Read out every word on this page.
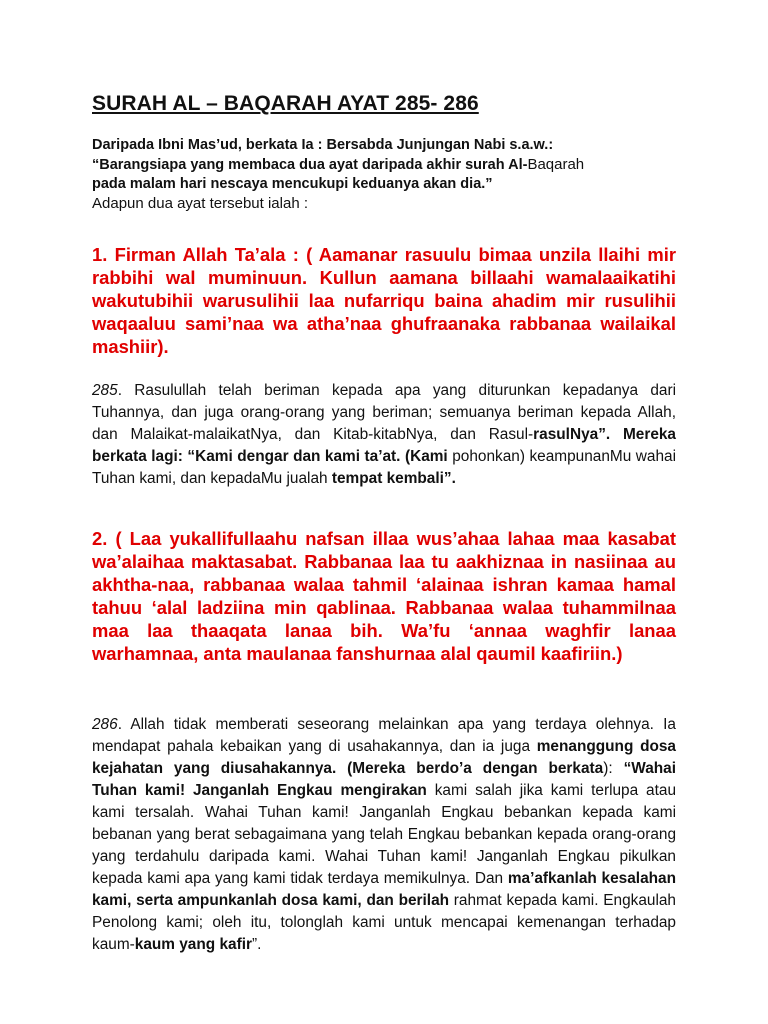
SURAH AL – BAQARAH AYAT 285- 286
Daripada Ibni Mas’ud, berkata Ia : Bersabda Junjungan Nabi s.a.w.:
“Barangsiapa yang membaca dua ayat daripada akhir surah Al-Baqarah
pada malam hari nescaya mencukupi keduanya akan dia.”
Adapun dua ayat tersebut ialah :
1. Firman Allah Ta’ala : ( Aamanar rasuulu bimaa unzila llaihi mir rabbihi wal muminuun. Kullun aamana billaahi wamalaaikatihi wakutubihii warusulihii laa nufarriqu baina ahadim mir rusulihii waqaaluu sami’naa wa atha’naa ghufraanaka rabbanaa wailaikal mashiir).
285. Rasulullah telah beriman kepada apa yang diturunkan kepadanya dari Tuhannya, dan juga orang-orang yang beriman; semuanya beriman kepada Allah, dan Malaikat-malaikatNya, dan Kitab-kitabNya, dan Rasul-rasulNya”. Mereka berkata lagi: “Kami dengar dan kami ta’at. (Kami pohonkan) keampunanMu wahai Tuhan kami, dan kepadaMu jualah tempat kembali”.
2. ( Laa yukallifullaahu nafsan illaa wus’ahaa lahaa maa kasabat wa’alaihaa maktasabat. Rabbanaa laa tu aakhiznaa in nasiinaa au akhtha-naa, rabbanaa walaa tahmil ‘alainaa ishran kamaa hamal tahuu ‘alal ladziina min qablinaa. Rabbanaa walaa tuhammilnaa maa laa thaaqata lanaa bih. Wa’fu ‘annaa waghfir lanaa warhamnaa, anta maulanaa fanshurnaa alal qaumil kaafiriin.)
286. Allah tidak memberati seseorang melainkan apa yang terdaya olehnya. Ia mendapat pahala kebaikan yang di usahakannya, dan ia juga menanggung dosa kejahatan yang diusahakannya. (Mereka berdo’a dengan berkata): “Wahai Tuhan kami! Janganlah Engkau mengirakan kami salah jika kami terlupa atau kami tersalah. Wahai Tuhan kami! Janganlah Engkau bebankan kepada kami bebanan yang berat sebagaimana yang telah Engkau bebankan kepada orang-orang yang terdahulu daripada kami. Wahai Tuhan kami! Janganlah Engkau pikulkan kepada kami apa yang kami tidak terdaya memikulnya. Dan ma’afkanlah kesalahan kami, serta ampunkanlah dosa kami, dan berilah rahmat kepada kami. Engkaulah Penolong kami; oleh itu, tolonglah kami untuk mencapai kemenangan terhadap kaum-kaum yang kafir”.
